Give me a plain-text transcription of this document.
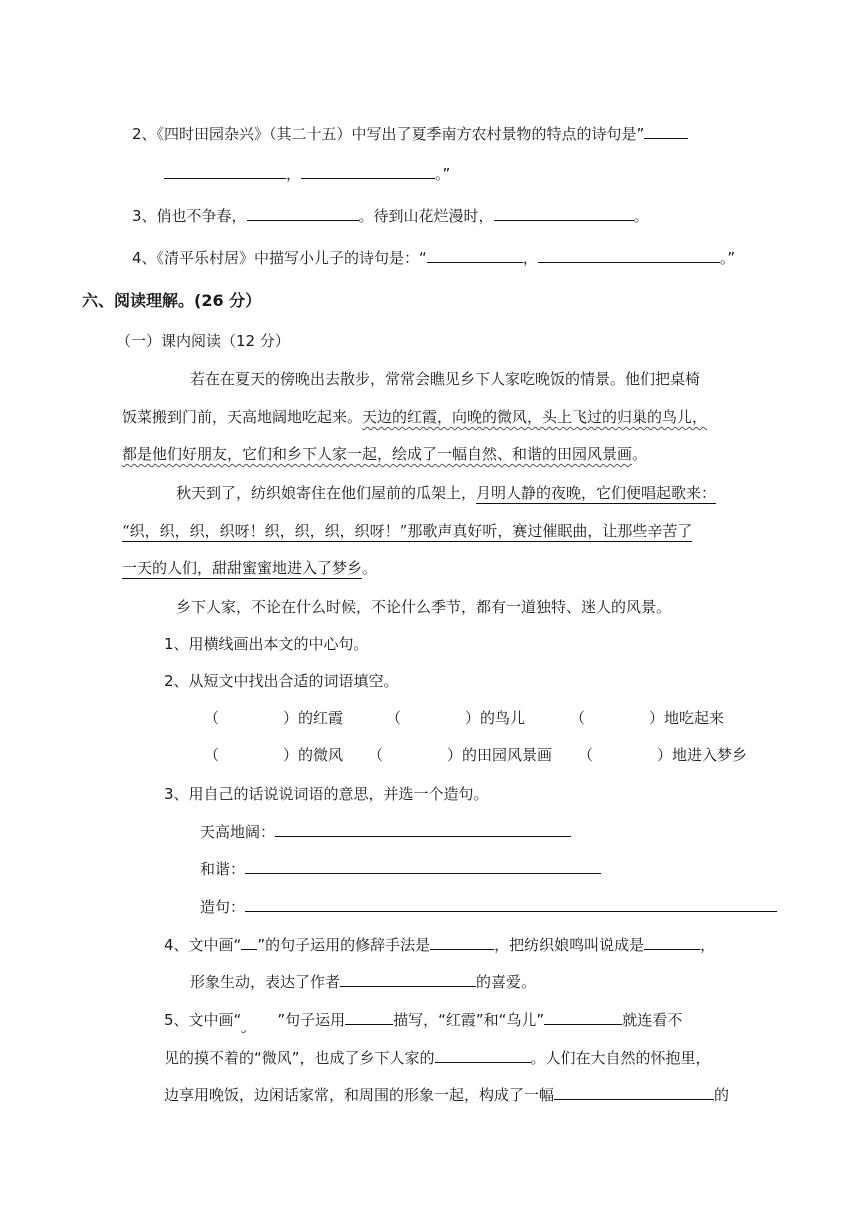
2、《四时田园杂兴》（其二十五）中写出了夏季南方农村景物的特点的诗句是”
，	。”
3、俏也不争春，	。待到山花烂漫时，	。
4、《清平乐村居》中描写小儿子的诗句是：“	，	。”
六、阅读理解。(26 分）
（一）课内阅读（12 分）
若在在夏天的傍晚出去散步，常常会瞧见乡下人家吃晚饭的情景。他们把桌椅
饭菜搬到门前，天高地阔地吃起来。天边的红霞，向晚的微风，头上飞过的归巢的鸟儿，
都是他们好朋友，它们和乡下人家一起，绘成了一幅自然、和谐的田园风景画。
秋天到了，纺织娘寄住在他们屋前的瓜架上，月明人静的夜晚，它们便唱起歌来：
“织，织，织，织呀！织，织，织，织呀！”那歌声真好听，赛过催眠曲，让那些辛苦了
一天的人们，甜甜蜜蜜地进入了梦乡。
乡下人家，不论在什么时候，不论什么季节，都有一道独特、迷人的风景。
1、用横线画出本文的中心句。
2、从短文中找出合适的词语填空。
（	）的红霞	（	）的鸟儿	（	）地吃起来
（	）的微风 （	）的田园风景画 （	）地进入梦乡
3、用自己的话说说词语的意思，并选一个造句。
天高地阔：
和谐：
造句：
4、文中画“ ”的句子运用的修辞手法是	，把纺织娘鸣叫说成是	，
形象生动，表达了作者	的喜爱。
5、文中画“ ”句子运用	描写，“红霞”和“乌儿”	就连看不
见的摸不着的“微风”，也成了乡下人家的	。人们在大自然的怀抱里，
边享用晚饭，边闲话家常，和周围的形象一起，构成了一幅	的
